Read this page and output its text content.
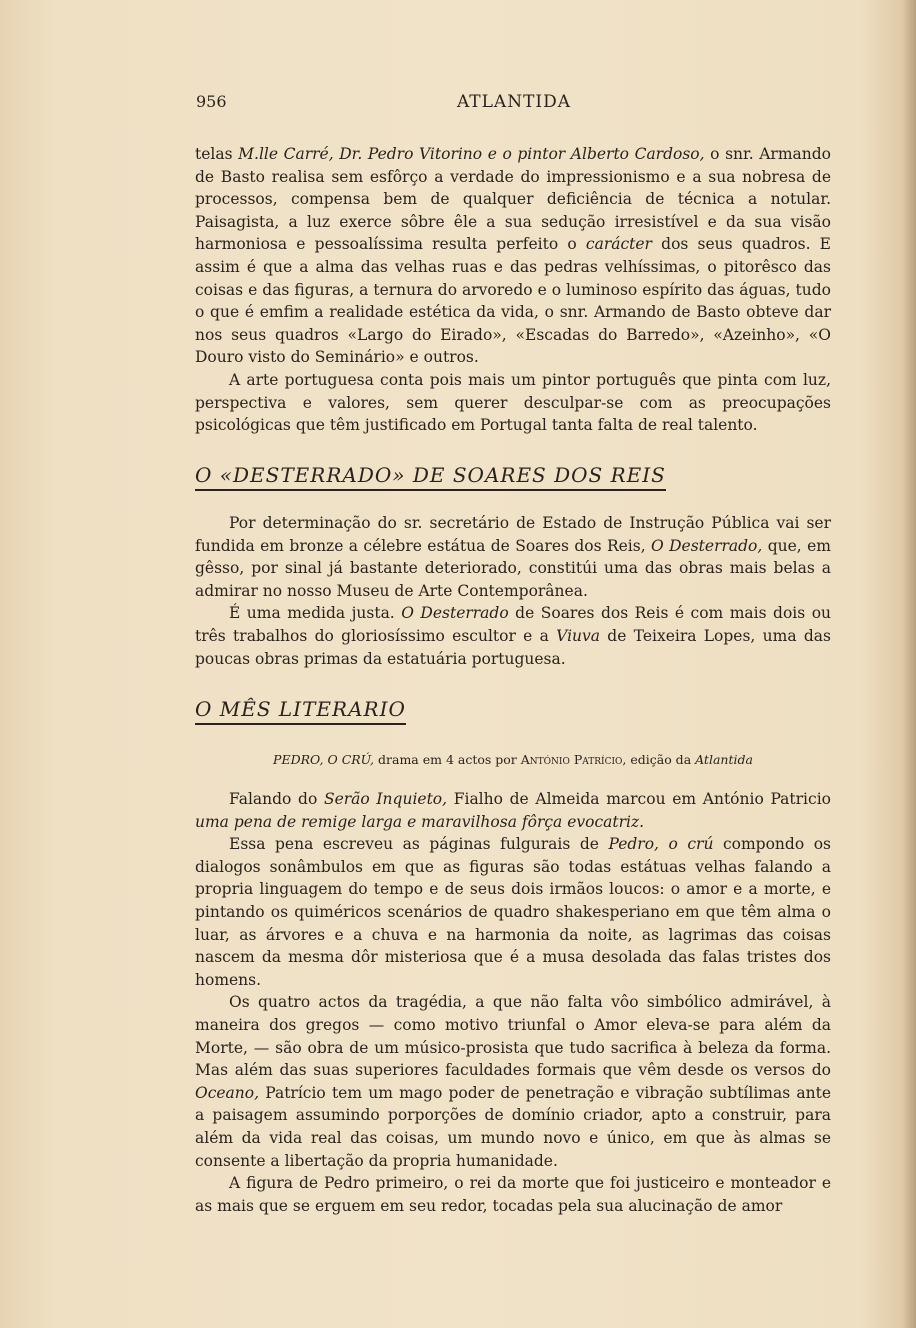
956	ATLANTIDA

telas M.lle Carré, Dr. Pedro Vitorino e o pintor Alberto Cardoso, o snr. Armando de Basto realisa sem esfôrço a verdade do impressionismo e a sua nobresa de processos, compensa bem de qualquer deficiência de técnica a notular. Paisagista, a luz exerce sôbre êle a sua sedução irresistível e da sua visão harmoniosa e pessoalíssima resulta perfeito o carácter dos seus quadros. E assim é que a alma das velhas ruas e das pedras velhíssimas, o pitorêsco das coisas e das figuras, a ternura do arvoredo e o luminoso espírito das águas, tudo o que é emfim a realidade estética da vida, o snr. Armando de Basto obteve dar nos seus quadros «Largo do Eirado», «Escadas do Barredo», «Azeinho», «O Douro visto do Seminário» e outros.

A arte portuguesa conta pois mais um pintor português que pinta com luz, perspectiva e valores, sem querer desculpar-se com as preocupações psicológicas que têm justificado em Portugal tanta falta de real talento.

O «DESTERRADO» DE SOARES DOS REIS

Por determinação do sr. secretário de Estado de Instrução Pública vai ser fundida em bronze a célebre estátua de Soares dos Reis, O Desterrado, que, em gêsso, por sinal já bastante deteriorado, constitúi uma das obras mais belas a admirar no nosso Museu de Arte Contemporânea.

É uma medida justa. O Desterrado de Soares dos Reis é com mais dois ou três trabalhos do gloriosíssimo escultor e a Viuva de Teixeira Lopes, uma das poucas obras primas da estatuária portuguesa.

O MÊS LITERARIO
PEDRO, O CRÚ, drama em 4 actos por António Patrício, edição da Atlantida

Falando do Serão Inquieto, Fialho de Almeida marcou em António Patricio uma pena de remige larga e maravilhosa fôrça evocatriz.

Essa pena escreveu as páginas fulgurais de Pedro, o crú compondo os dialogos sonâmbulos em que as figuras são todas estátuas velhas falando a propria linguagem do tempo e de seus dois irmãos loucos: o amor e a morte, e pintando os quiméricos scenários de quadro shakesperiano em que têm alma o luar, as árvores e a chuva e na harmonia da noite, as lagrimas das coisas nascem da mesma dôr misteriosa que é a musa desolada das falas tristes dos homens.

Os quatro actos da tragédia, a que não falta vôo simbólico admirável, à maneira dos gregos — como motivo triunfal o Amor eleva-se para além da Morte, — são obra de um músico-prosista que tudo sacrifica à beleza da forma. Mas além das suas superiores faculdades formais que vêm desde os versos do Oceano, Patrício tem um mago poder de penetração e vibração subtílimas ante a paisagem assumindo porporções de domínio criador, apto a construir, para além da vida real das coisas, um mundo novo e único, em que às almas se consente a libertação da propria humanidade.

A figura de Pedro primeiro, o rei da morte que foi justiceiro e monteador e as mais que se erguem em seu redor, tocadas pela sua alucinação de amor
